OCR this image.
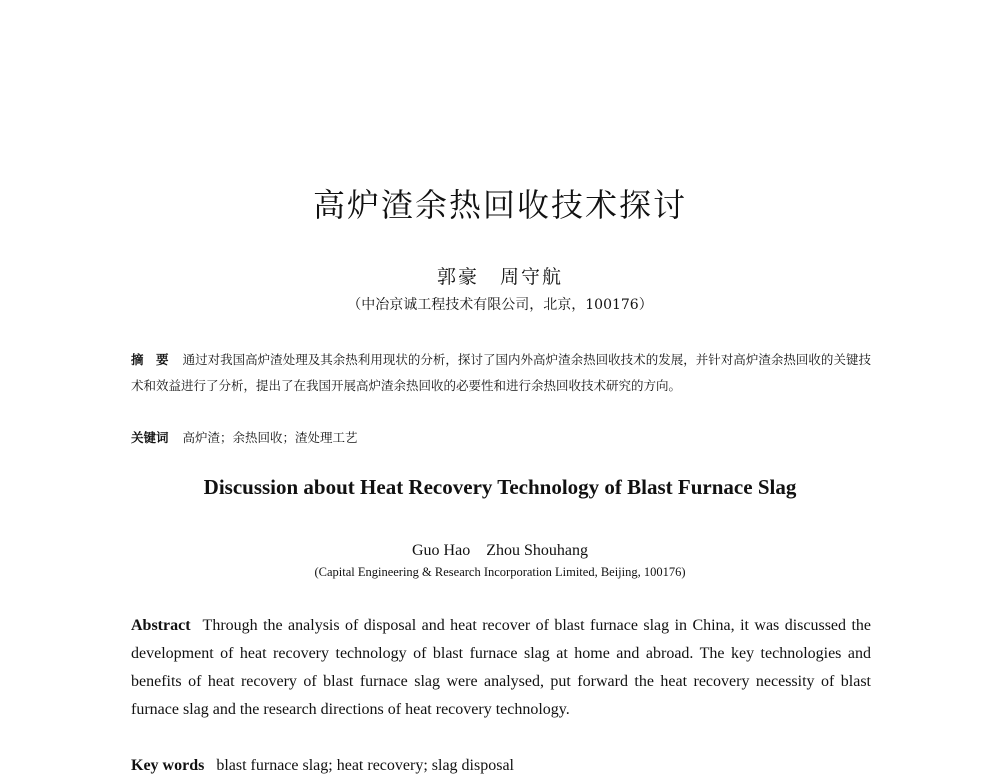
高炉渣余热回收技术探讨
郭豪　周守航
（中冶京诚工程技术有限公司，北京，100176）
摘　要 通过对我国高炉渣处理及其余热利用现状的分析，探讨了国内外高炉渣余热回收技术的发展，并针对高炉渣余热回收的关键技术和效益进行了分析，提出了在我国开展高炉渣余热回收的必要性和进行余热回收技术研究的方向。
关键词 高炉渣；余热回收；渣处理工艺
Discussion about Heat Recovery Technology of Blast Furnace Slag
Guo Hao　Zhou Shouhang
(Capital Engineering & Research Incorporation Limited, Beijing, 100176)
Abstract Through the analysis of disposal and heat recover of blast furnace slag in China, it was discussed the development of heat recovery technology of blast furnace slag at home and abroad. The key technologies and benefits of heat recovery of blast furnace slag were analysed, put forward the heat recovery necessity of blast furnace slag and the research directions of heat recovery technology.
Key words blast furnace slag; heat recovery; slag disposal
